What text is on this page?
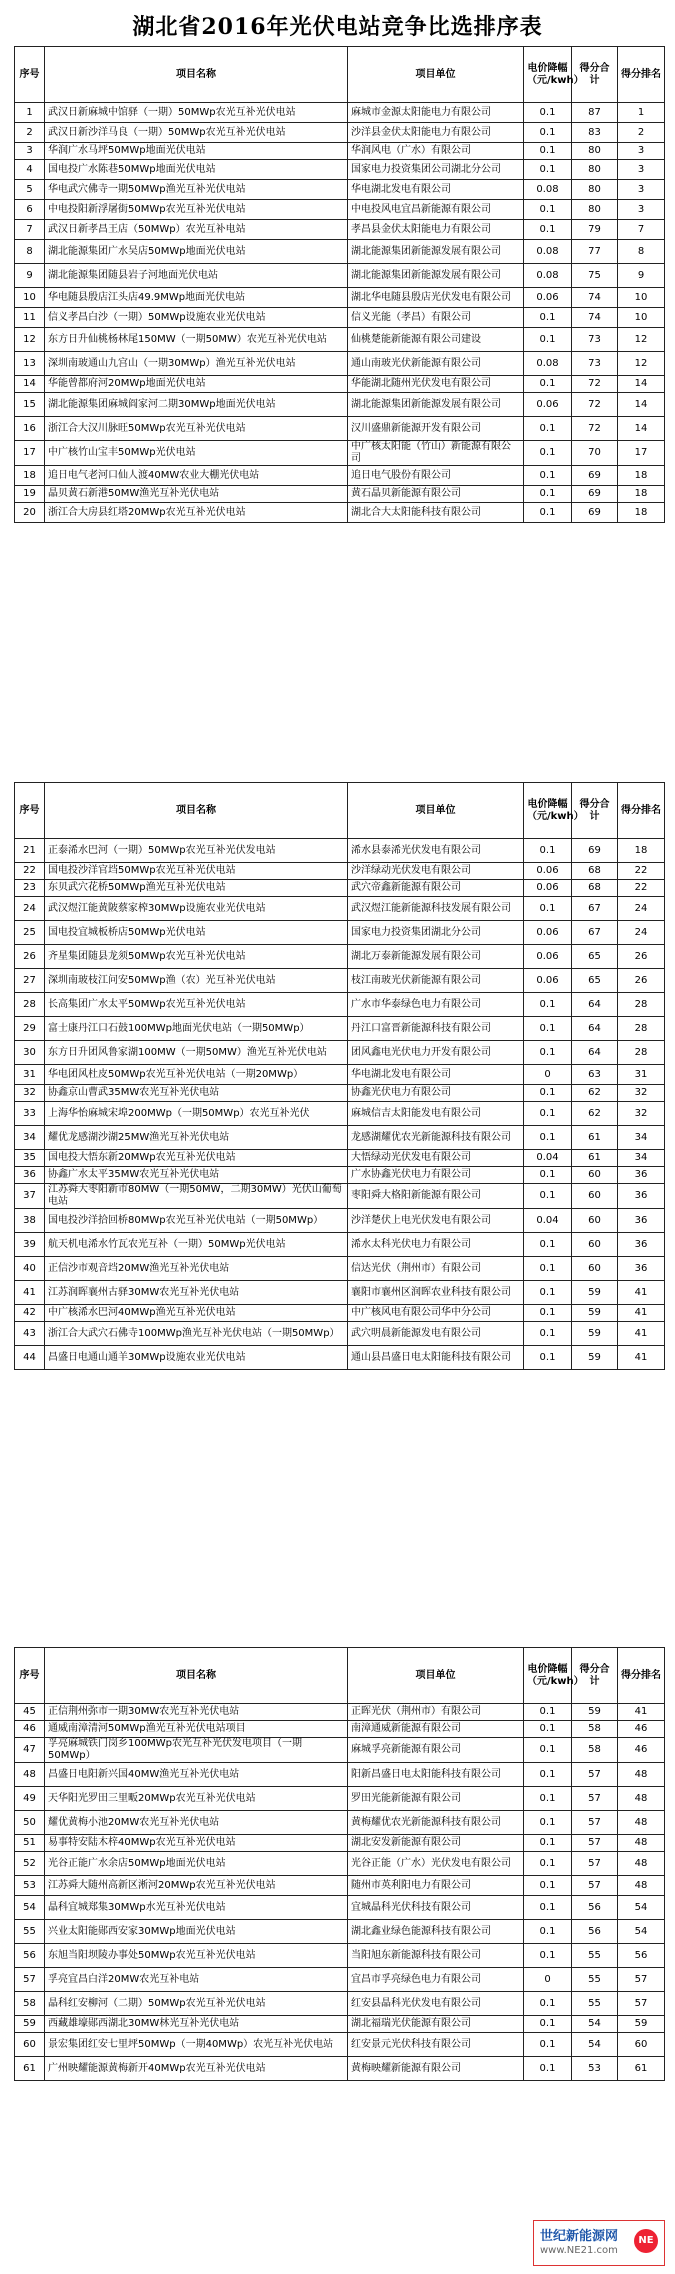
湖北省2016年光伏电站竞争比选排序表
序号	项目名称	项目单位	电价降幅（元/kwh）	得分合计	得分排名
1	武汉日新麻城中馆驿（一期）50MWp农光互补光伏电站	麻城市金源太阳能电力有限公司	0.1	87	1
2	武汉日新沙洋马良（一期）50MWp农光互补光伏电站	沙洋县金伏太阳能电力有限公司	0.1	83	2
3	华润广水马坪50MWp地面光伏电站	华润风电（广水）有限公司	0.1	80	3
4	国电投广水陈巷50MWp地面光伏电站	国家电力投资集团公司湖北分公司	0.1	80	3
5	华电武穴佛寺一期50MWp渔光互补光伏电站	华电湖北发电有限公司	0.08	80	3
6	中电投阳新浮屠街50MWp农光互补光伏电站	中电投风电宜昌新能源有限公司	0.1	80	3
7	武汉日新孝昌王店（50MWp）农光互补电站	孝昌县金伏太阳能电力有限公司	0.1	79	7
8	湖北能源集团广水吴店50MWp地面光伏电站	湖北能源集团新能源发展有限公司	0.08	77	8
9	湖北能源集团随县岩子河地面光伏电站	湖北能源集团新能源发展有限公司	0.08	75	9
10	华电随县殷店江头店49.9MWp地面光伏电站	湖北华电随县殷店光伏发电有限公司	0.06	74	10
11	信义孝昌白沙（一期）50MWp设施农业光伏电站	信义光能（孝昌）有限公司	0.1	74	10
12	东方日升仙桃杨林尾150MW（一期50MW）农光互补光伏电站	仙桃楚能新能源有限公司建设	0.1	73	12
13	深圳南玻通山九宫山（一期30MWp）渔光互补光伏电站	通山南玻光伏新能源有限公司	0.08	73	12
14	华能曾都府河20MWp地面光伏电站	华能湖北随州光伏发电有限公司	0.1	72	14
15	湖北能源集团麻城阎家河二期30MWp地面光伏电站	湖北能源集团新能源发展有限公司	0.06	72	14
16	浙江合大汉川脉旺50MWp农光互补光伏电站	汉川盛鼎新能源开发有限公司	0.1	72	14
17	中广核竹山宝丰50MWp光伏电站	中广核太阳能（竹山）新能源有限公司	0.1	70	17
18	追日电气老河口仙人渡40MW农业大棚光伏电站	追日电气股份有限公司	0.1	69	18
19	晶贝黄石新港50MW渔光互补光伏电站	黄石晶贝新能源有限公司	0.1	69	18
20	浙江合大房县红塔20MWp农光互补光伏电站	湖北合大太阳能科技有限公司	0.1	69	18
序号	项目名称	项目单位	电价降幅（元/kwh）	得分合计	得分排名
21	正泰浠水巴河（一期）50MWp农光互补光伏发电站	浠水县泰浠光伏发电有限公司	0.1	69	18
22	国电投沙洋官垱50MWp农光互补光伏电站	沙洋绿动光伏发电有限公司	0.06	68	22
23	东贝武穴花桥50MWp渔光互补光伏电站	武穴帝鑫新能源有限公司	0.06	68	22
24	武汉煜江能黄陂蔡家榨30MWp设施农业光伏电站	武汉煜江能新能源科技发展有限公司	0.1	67	24
25	国电投宜城板桥店50MWp光伏电站	国家电力投资集团湖北分公司	0.06	67	24
26	齐星集团随县龙须50MWp农光互补光伏电站	湖北万泰新能源发展有限公司	0.06	65	26
27	深圳南玻枝江问安50MWp渔（农）光互补光伏电站	枝江南玻光伏新能源有限公司	0.06	65	26
28	长高集团广水太平50MWp农光互补光伏电站	广水市华泰绿色电力有限公司	0.1	64	28
29	富士康丹江口石鼓100MWp地面光伏电站（一期50MWp）	丹江口富晋新能源科技有限公司	0.1	64	28
30	东方日升团风鲁家湖100MW（一期50MW）渔光互补光伏电站	团风鑫电光伏电力开发有限公司	0.1	64	28
31	华电团风杜皮50MWp农光互补光伏电站（一期20MWp）	华电湖北发电有限公司	0	63	31
32	协鑫京山曹武35MW农光互补光伏电站	协鑫光伏电力有限公司	0.1	62	32
33	上海华怡麻城宋埠200MWp（一期50MWp）农光互补光伏	麻城信吉太阳能发电有限公司	0.1	62	32
34	耀优龙感湖沙湖25MW渔光互补光伏电站	龙感湖耀优农光新能源科技有限公司	0.1	61	34
35	国电投大悟东新20MWp农光互补光伏电站	大悟绿动光伏发电有限公司	0.04	61	34
36	协鑫广水太平35MW农光互补光伏电站	广水协鑫光伏电力有限公司	0.1	60	36
37	江苏舜大枣阳新市80MW（一期50MW，二期30MW）光伏山葡萄电站	枣阳舜大格阳新能源有限公司	0.1	60	36
38	国电投沙洋拾回桥80MWp农光互补光伏电站（一期50MWp）	沙洋楚伏上电光伏发电有限公司	0.04	60	36
39	航天机电浠水竹瓦农光互补（一期）50MWp光伏电站	浠水太科光伏电力有限公司	0.1	60	36
40	正信沙市观音垱20MW渔光互补光伏电站	信达光伏（荆州市）有限公司	0.1	60	36
41	江苏润晖襄州古驿30MW农光互补光伏电站	襄阳市襄州区润晖农业科技有限公司	0.1	59	41
42	中广核浠水巴河40MWp渔光互补光伏电站	中广核风电有限公司华中分公司	0.1	59	41
43	浙江合大武穴石佛寺100MWp渔光互补光伏电站（一期50MWp）	武穴明晨新能源发电有限公司	0.1	59	41
44	昌盛日电通山通羊30MWp设施农业光伏电站	通山县昌盛日电太阳能科技有限公司	0.1	59	41
序号	项目名称	项目单位	电价降幅（元/kwh）	得分合计	得分排名
45	正信荆州弥市一期30MW农光互补光伏电站	正晖光伏（荆州市）有限公司	0.1	59	41
46	通威南漳清河50MWp渔光互补光伏电站项目	南漳通威新能源有限公司	0.1	58	46
47	孚亮麻城铁门岗乡100MWp农光互补光伏发电项目（一期50MWp）	麻城孚亮新能源有限公司	0.1	58	46
48	昌盛日电阳新兴国40MW渔光互补光伏电站	阳新昌盛日电太阳能科技有限公司	0.1	57	48
49	天华阳光罗田三里畈20MWp农光互补光伏电站	罗田光能新能源有限公司	0.1	57	48
50	耀优黄梅小池20MW农光互补光伏电站	黄梅耀优农光新能源科技有限公司	0.1	57	48
51	易事特安陆木梓40MWp农光互补光伏电站	湖北安发新能源有限公司	0.1	57	48
52	光谷正能广水余店50MWp地面光伏电站	光谷正能（广水）光伏发电有限公司	0.1	57	48
53	江苏舜大随州高新区淅河20MWp农光互补光伏电站	随州市英利阳电力有限公司	0.1	57	48
54	晶科宜城郑集30MWp水光互补光伏电站	宜城晶科光伏科技有限公司	0.1	56	54
55	兴业太阳能郧西安家30MWp地面光伏电站	湖北鑫业绿色能源科技有限公司	0.1	56	54
56	东旭当阳坝陵办事处50MWp农光互补光伏电站	当阳旭东新能源科技有限公司	0.1	55	56
57	孚亮宜昌白洋20MW农光互补电站	宜昌市孚亮绿色电力有限公司	0	55	57
58	晶科红安柳河（二期）50MWp农光互补光伏电站	红安县晶科光伏发电有限公司	0.1	55	57
59	西藏雄壕郧西湖北30MW林光互补光伏电站	湖北福瑞光伏能源有限公司	0.1	54	59
60	景宏集团红安七里坪50MWp（一期40MWp）农光互补光伏电站	红安景元光伏科技有限公司	0.1	54	60
61	广州映耀能源黄梅新开40MWp农光互补光伏电站	黄梅映耀新能源有限公司	0.1	53	61
世纪新能源网
www.NE21.com
NE
